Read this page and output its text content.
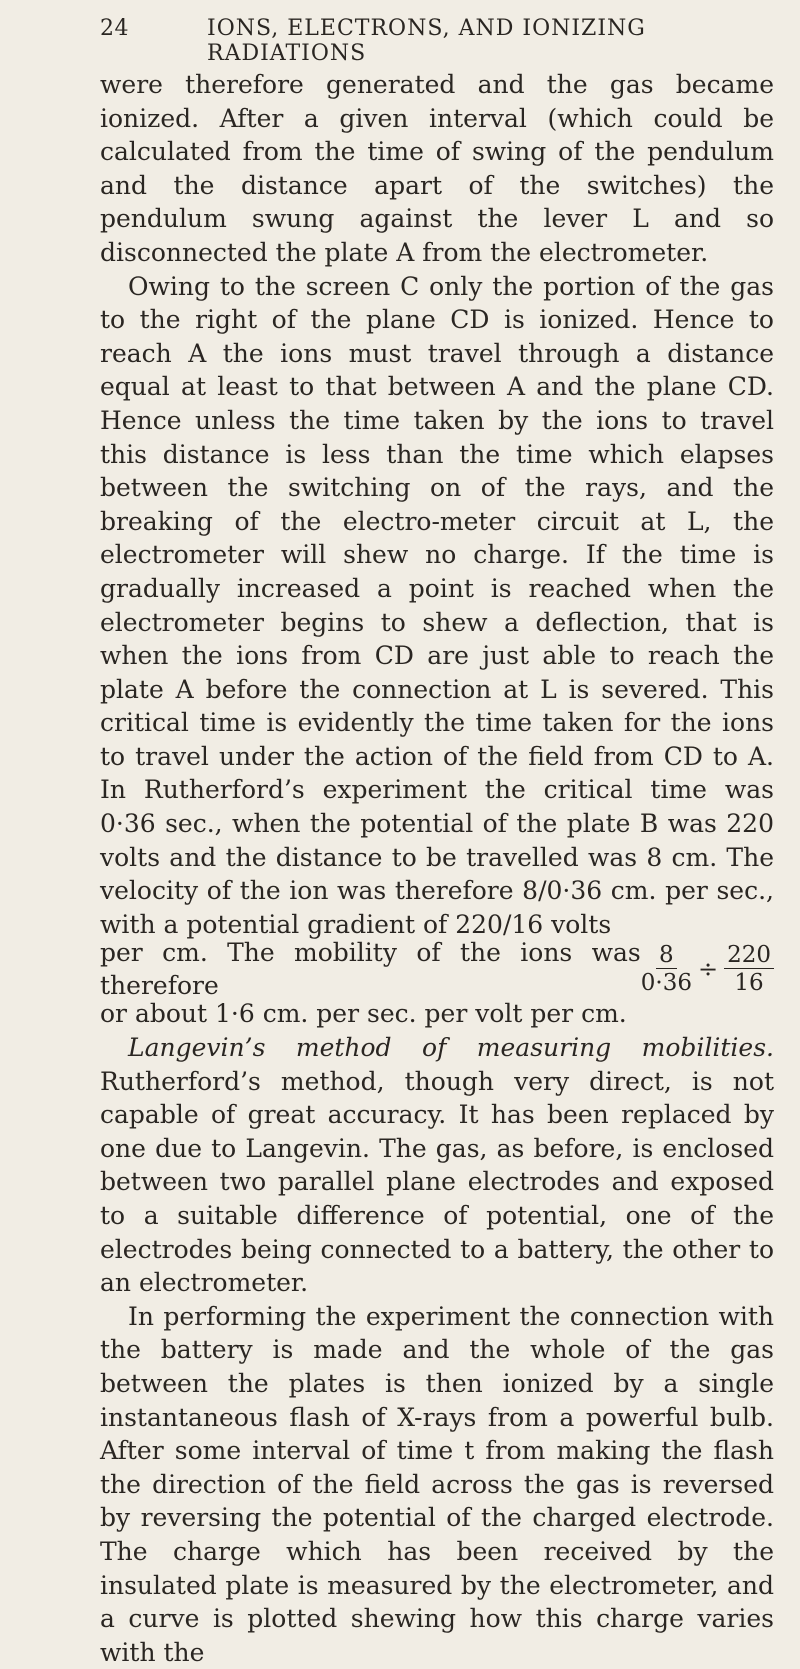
24	IONS, ELECTRONS, AND IONIZING RADIATIONS

were therefore generated and the gas became ionized. After a given interval (which could be calculated from the time of swing of the pendulum and the distance apart of the switches) the pendulum swung against the lever L and so disconnected the plate A from the electrometer.

Owing to the screen C only the portion of the gas to the right of the plane CD is ionized. Hence to reach A the ions must travel through a distance equal at least to that between A and the plane CD. Hence unless the time taken by the ions to travel this distance is less than the time which elapses between the switching on of the rays, and the breaking of the electro-meter circuit at L, the electrometer will shew no charge. If the time is gradually increased a point is reached when the electrometer begins to shew a deflection, that is when the ions from CD are just able to reach the plate A before the connection at L is severed. This critical time is evidently the time taken for the ions to travel under the action of the field from CD to A. In Rutherford’s experiment the critical time was 0·36 sec., when the potential of the plate B was 220 volts and the distance to be travelled was 8 cm. The velocity of the ion was therefore 8/0·36 cm. per sec., with a potential gradient of 220/16 volts

per cm. The mobility of the ions was therefore	$\frac{8}{0\cdot 36} \div \frac{220}{16}$

or about 1·6 cm. per sec. per volt per cm.

Langevin’s method of measuring mobilities. Rutherford’s method, though very direct, is not capable of great accuracy. It has been replaced by one due to Langevin. The gas, as before, is enclosed between two parallel plane electrodes and exposed to a suitable difference of potential, one of the electrodes being connected to a battery, the other to an electrometer.

In performing the experiment the connection with the battery is made and the whole of the gas between the plates is then ionized by a single instantaneous flash of X-rays from a powerful bulb. After some interval of time t from making the flash the direction of the field across the gas is reversed by reversing the potential of the charged electrode. The charge which has been received by the insulated plate is measured by the electrometer, and a curve is plotted shewing how this charge varies with the
